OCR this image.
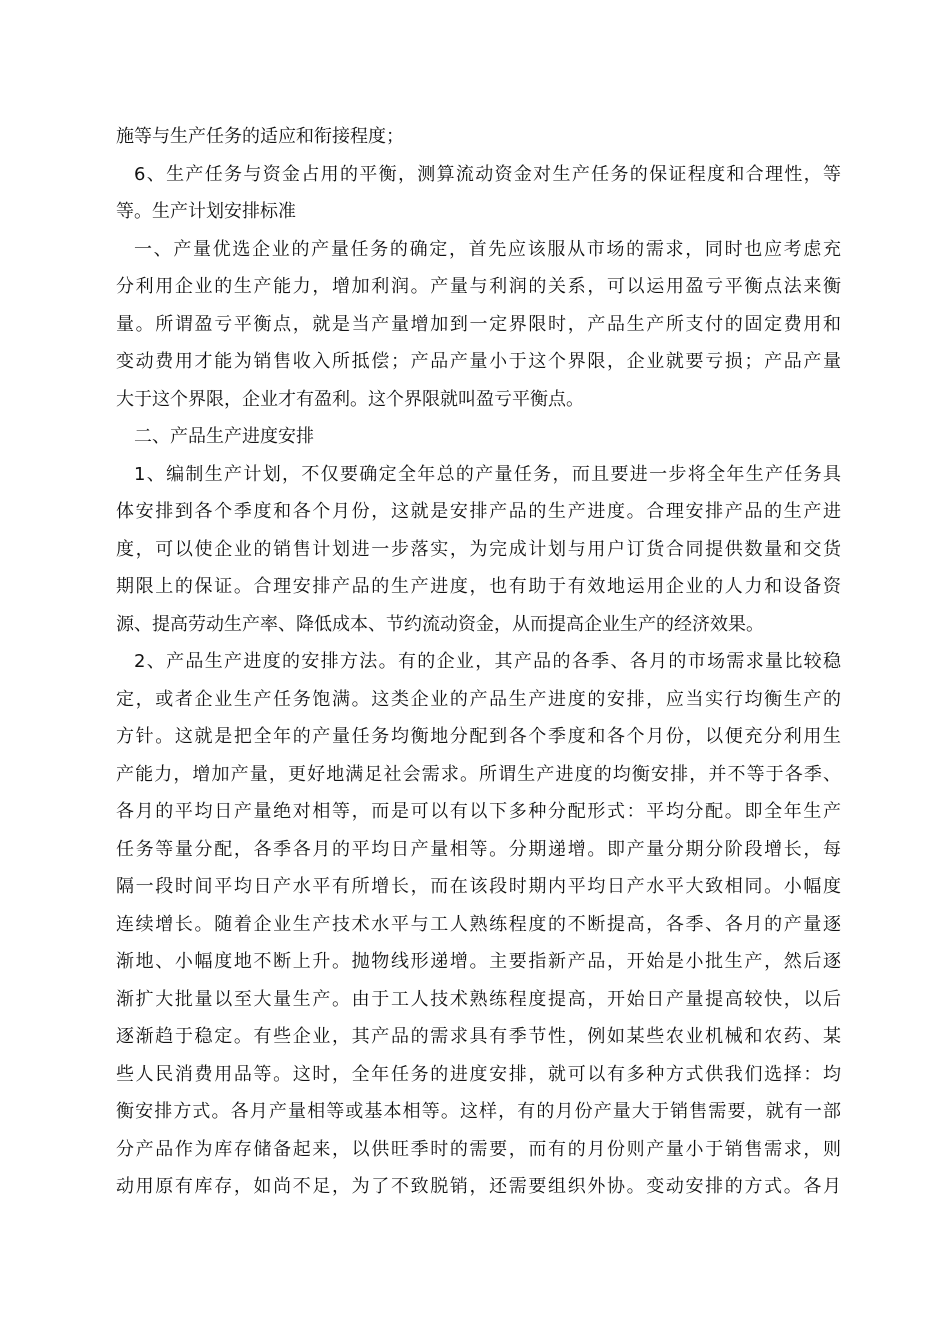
施等与生产任务的适应和衔接程度；
6、生产任务与资金占用的平衡，测算流动资金对生产任务的保证程度和合理性，等
等。生产计划安排标准
一、产量优选企业的产量任务的确定，首先应该服从市场的需求，同时也应考虑充
分利用企业的生产能力，增加利润。产量与利润的关系，可以运用盈亏平衡点法来衡
量。所谓盈亏平衡点，就是当产量增加到一定界限时，产品生产所支付的固定费用和
变动费用才能为销售收入所抵偿；产品产量小于这个界限，企业就要亏损；产品产量
大于这个界限，企业才有盈利。这个界限就叫盈亏平衡点。
二、产品生产进度安排
1、编制生产计划，不仅要确定全年总的产量任务，而且要进一步将全年生产任务具
体安排到各个季度和各个月份，这就是安排产品的生产进度。合理安排产品的生产进
度，可以使企业的销售计划进一步落实，为完成计划与用户订货合同提供数量和交货
期限上的保证。合理安排产品的生产进度，也有助于有效地运用企业的人力和设备资
源、提高劳动生产率、降低成本、节约流动资金，从而提高企业生产的经济效果。
2、产品生产进度的安排方法。有的企业，其产品的各季、各月的市场需求量比较稳
定，或者企业生产任务饱满。这类企业的产品生产进度的安排，应当实行均衡生产的
方针。这就是把全年的产量任务均衡地分配到各个季度和各个月份，以便充分利用生
产能力，增加产量，更好地满足社会需求。所谓生产进度的均衡安排，并不等于各季、
各月的平均日产量绝对相等，而是可以有以下多种分配形式：平均分配。即全年生产
任务等量分配，各季各月的平均日产量相等。分期递增。即产量分期分阶段增长，每
隔一段时间平均日产水平有所增长，而在该段时期内平均日产水平大致相同。小幅度
连续增长。随着企业生产技术水平与工人熟练程度的不断提高，各季、各月的产量逐
渐地、小幅度地不断上升。抛物线形递增。主要指新产品，开始是小批生产，然后逐
渐扩大批量以至大量生产。由于工人技术熟练程度提高，开始日产量提高较快，以后
逐渐趋于稳定。有些企业，其产品的需求具有季节性，例如某些农业机械和农药、某
些人民消费用品等。这时，全年任务的进度安排，就可以有多种方式供我们选择：均
衡安排方式。各月产量相等或基本相等。这样，有的月份产量大于销售需要，就有一部
分产品作为库存储备起来，以供旺季时的需要，而有的月份则产量小于销售需求，则
动用原有库存，如尚不足，为了不致脱销，还需要组织外协。变动安排的方式。各月
